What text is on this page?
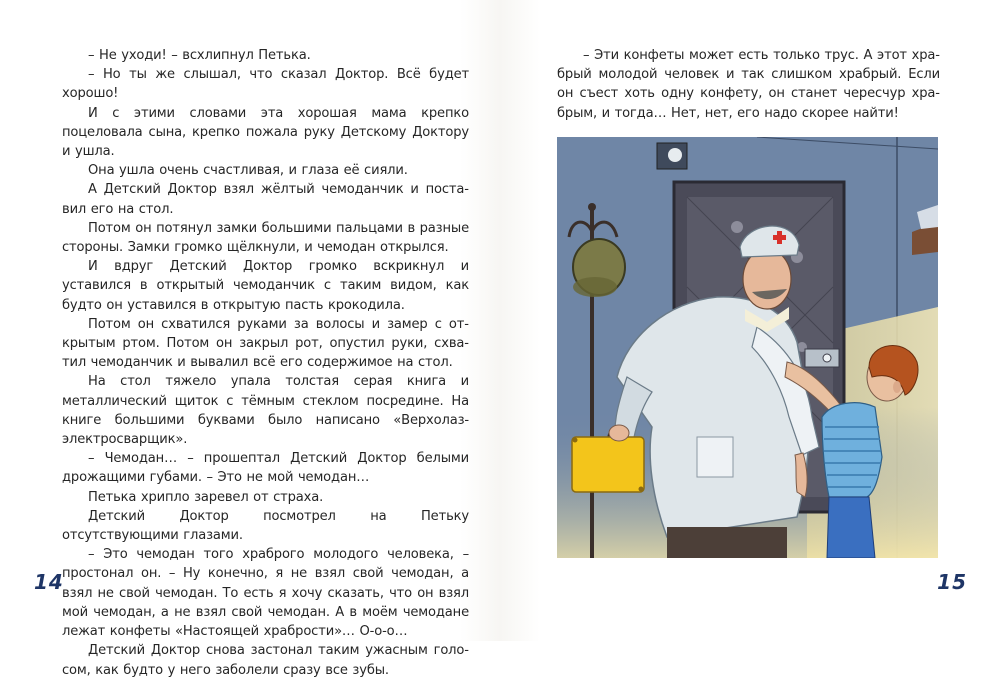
– Не уходи! – всхлипнул Петька.

– Но ты же слышал, что сказал Доктор. Всё будет хорошо!

И с этими словами эта хорошая мама крепко поцеловала сына, крепко пожала руку Детскому Доктору и ушла.

Она ушла очень счастливая, и глаза её сияли.

А Детский Доктор взял жёлтый чемоданчик и поставил его на стол.

Потом он потянул замки большими пальцами в разные стороны. Замки громко щёлкнули, и чемодан открылся.

И вдруг Детский Доктор громко вскрикнул и уставился в открытый чемоданчик с таким видом, как будто он уставился в открытую пасть крокодила.

Потом он схватился руками за волосы и замер с открытым ртом. Потом он закрыл рот, опустил руки, схватил чемоданчик и вывалил всё его содержимое на стол.

На стол тяжело упала толстая серая книга и металлический щиток с тёмным стеклом посредине. На книге большими буквами было написано «Верхолаз-электросварщик».

– Чемодан… – прошептал Детский Доктор белыми дрожащими губами. – Это не мой чемодан…

Петька хрипло заревел от страха.

Детский Доктор посмотрел на Петьку отсутствующими глазами.

– Это чемодан того храброго молодого человека, – простонал он. – Ну конечно, я не взял свой чемодан, а взял не свой чемодан. То есть я хочу сказать, что он взял мой чемодан, а не взял свой чемодан. А в моём чемодане лежат конфеты «Настоящей храбрости»… О-о-о…

Детский Доктор снова застонал таким ужасным голосом, как будто у него заболели сразу все зубы.

14

– Эти конфеты может есть только трус. А этот храбрый молодой человек и так слишком храбрый. Если он съест хоть одну конфету, он станет чересчур храбрым, и тогда… Нет, нет, его надо скорее найти!

15
